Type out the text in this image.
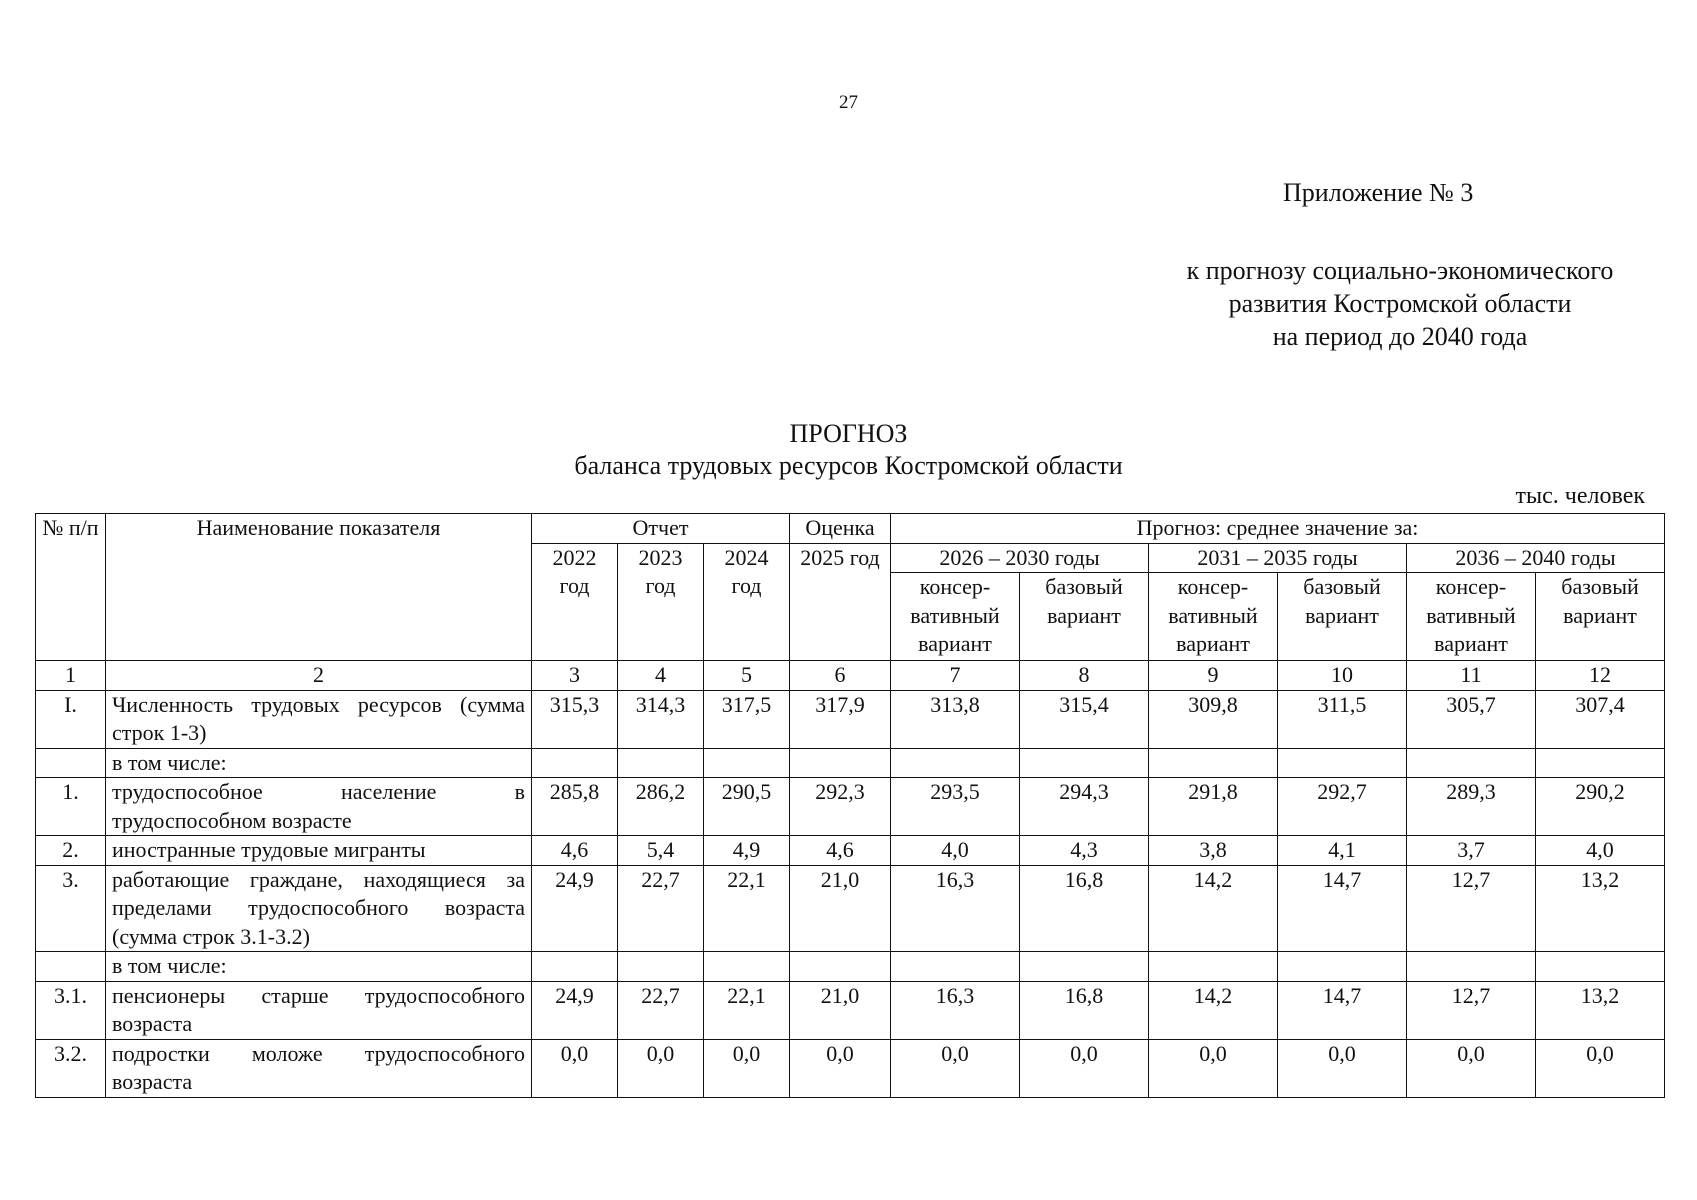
27
Приложение № 3
к прогнозу социально-экономического
развития Костромской области
на период до 2040 года
ПРОГНОЗ
баланса трудовых ресурсов Костромской области
тыс. человек
№ п/п	Наименование показателя	Отчет			Оценка	Прогноз: среднее значение за:					
		2022 год	2023 год	2024 год	2025 год	2026 – 2030 годы		2031 – 2035 годы		2036 – 2040 годы	
						консер-вативный вариант	базовый вариант	консер-вативный вариант	базовый вариант	консер-вативный вариант	базовый вариант
1	2	3	4	5	6	7	8	9	10	11	12
I.	Численность трудовых ресурсов (сумма строк 1-3)	315,3	314,3	317,5	317,9	313,8	315,4	309,8	311,5	305,7	307,4
	в том числе:										
1.	трудоспособное население в трудоспособном возрасте	285,8	286,2	290,5	292,3	293,5	294,3	291,8	292,7	289,3	290,2
2.	иностранные трудовые мигранты	4,6	5,4	4,9	4,6	4,0	4,3	3,8	4,1	3,7	4,0
3.	работающие граждане, находящиеся за пределами трудоспособного возраста (сумма строк 3.1-3.2)	24,9	22,7	22,1	21,0	16,3	16,8	14,2	14,7	12,7	13,2
	в том числе:										
3.1.	пенсионеры старше трудоспособного возраста	24,9	22,7	22,1	21,0	16,3	16,8	14,2	14,7	12,7	13,2
3.2.	подростки моложе трудоспособного возраста	0,0	0,0	0,0	0,0	0,0	0,0	0,0	0,0	0,0	0,0
